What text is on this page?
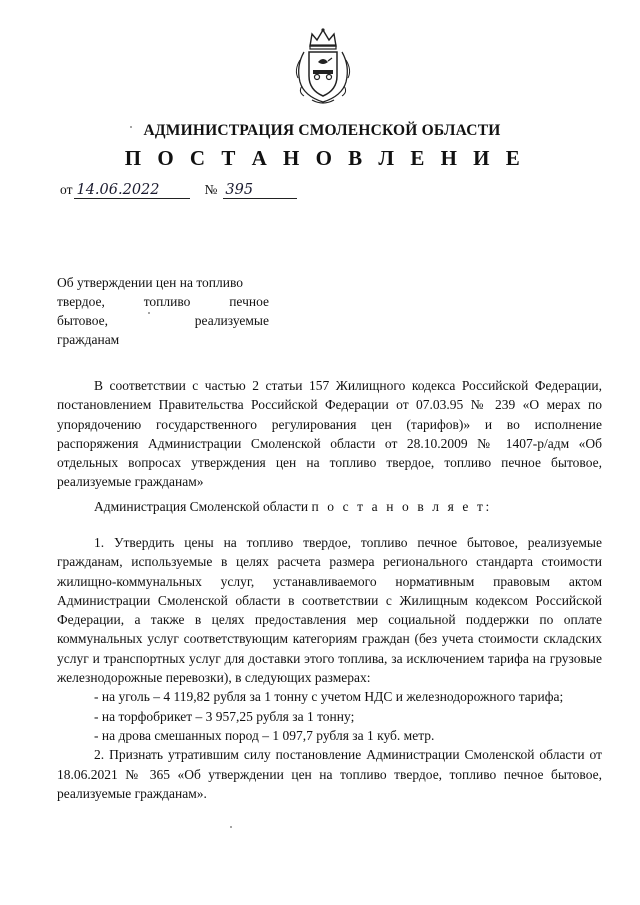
АДМИНИСТРАЦИЯ СМОЛЕНСКОЙ ОБЛАСТИ
П О С Т А Н О В Л Е Н И Е
от 14.06.2022	№ 395
Об утверждении цен на топливо
твердое,	топливо	печное
бытовое,	реализуемые
гражданам

В соответствии с частью 2 статьи 157 Жилищного кодекса Российской Федерации, постановлением Правительства Российской Федерации от 07.03.95 № 239 «О мерах по упорядочению государственного регулирования цен (тарифов)» и во исполнение распоряжения Администрации Смоленской области от 28.10.2009 № 1407-р/адм «Об отдельных вопросах утверждения цен на топливо твердое, топливо печное бытовое, реализуемые гражданам»

Администрация Смоленской области п о с т а н о в л я е т:

1. Утвердить цены на топливо твердое, топливо печное бытовое, реализуемые гражданам, используемые в целях расчета размера регионального стандарта стоимости жилищно-коммунальных услуг, устанавливаемого нормативным правовым актом Администрации Смоленской области в соответствии с Жилищным кодексом Российской Федерации, а также в целях предоставления мер социальной поддержки по оплате коммунальных услуг соответствующим категориям граждан (без учета стоимости складских услуг и транспортных услуг для доставки этого топлива, за исключением тарифа на грузовые железнодорожные перевозки), в следующих размерах:

- на уголь – 4 119,82 рубля за 1 тонну с учетом НДС и железнодорожного тарифа;

- на торфобрикет – 3 957,25 рубля за 1 тонну;

- на дрова смешанных пород – 1 097,7 рубля за 1 куб. метр.

2. Признать утратившим силу постановление Администрации Смоленской области от 18.06.2021 № 365 «Об утверждении цен на топливо твердое, топливо печное бытовое, реализуемые гражданам».
